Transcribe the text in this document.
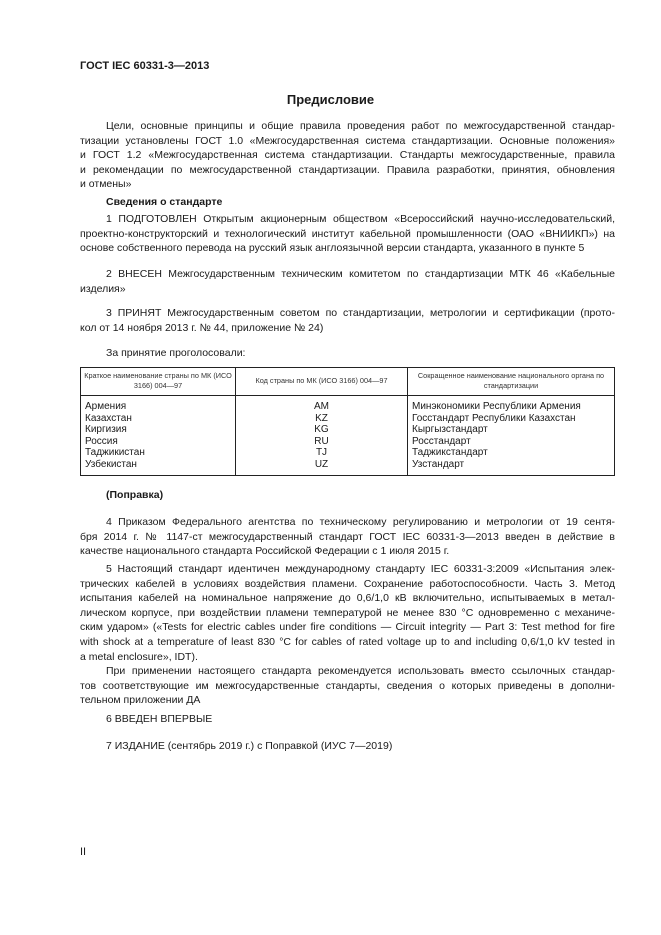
ГОСТ IEC 60331-3—2013
Предисловие
Цели, основные принципы и общие правила проведения работ по межгосударственной стандар-
тизации установлены ГОСТ 1.0 «Межгосударственная система стандартизации. Основные положения»
и ГОСТ 1.2 «Межгосударственная система стандартизации. Стандарты межгосударственные, правила
и рекомендации по межгосударственной стандартизации. Правила разработки, принятия, обновления
и отмены»
Сведения о стандарте
1 ПОДГОТОВЛЕН Открытым акционерным обществом «Всероссийский научно-исследовательский,
проектно-конструкторский и технологический институт кабельной промышленности (ОАО «ВНИИКП») на
основе собственного перевода на русский язык англоязычной версии стандарта, указанного в пункте 5
2 ВНЕСЕН Межгосударственным техническим комитетом по стандартизации МТК 46 «Кабельные
изделия»
3 ПРИНЯТ Межгосударственным советом по стандартизации, метрологии и сертификации (прото-
кол от 14 ноября 2013 г. № 44, приложение № 24)
За принятие проголосовали:
Краткое наименование страны по МК (ИСО 3166) 004—97	Код страны по МК (ИСО 3166) 004—97	Сокращенное наименование национального органа по стандартизации
Армения	AM	Минэкономики Республики Армения
Казахстан	KZ	Госстандарт Республики Казахстан
Киргизия	KG	Кыргызстандарт
Россия	RU	Росстандарт
Таджикистан	TJ	Таджикстандарт
Узбекистан	UZ	Узстандарт
(Поправка)
4 Приказом Федерального агентства по техническому регулированию и метрологии от 19 сентя-
бря 2014 г. № 1147-ст межгосударственный стандарт ГОСТ IEC 60331-3—2013 введен в действие в
качестве национального стандарта Российской Федерации с 1 июля 2015 г.
5 Настоящий стандарт идентичен международному стандарту IEC 60331-3:2009 «Испытания элек-
трических кабелей в условиях воздействия пламени. Сохранение работоспособности. Часть 3. Метод
испытания кабелей на номинальное напряжение до 0,6/1,0 кВ включительно, испытываемых в метал-
лическом корпусе, при воздействии пламени температурой не менее 830 °С одновременно с механиче-
ским ударом» («Tests for electric cables under fire conditions — Circuit integrity — Part 3: Test method for fire
with shock at a temperature of least 830 °С for cables of rated voltage up to and including 0,6/1,0 kV tested in
a metal enclosure», IDT).
При применении настоящего стандарта рекомендуется использовать вместо ссылочных стандар-
тов соответствующие им межгосударственные стандарты, сведения о которых приведены в дополни-
тельном приложении ДА
6 ВВЕДЕН ВПЕРВЫЕ
7 ИЗДАНИЕ (сентябрь 2019 г.) с Поправкой (ИУС 7—2019)
II
